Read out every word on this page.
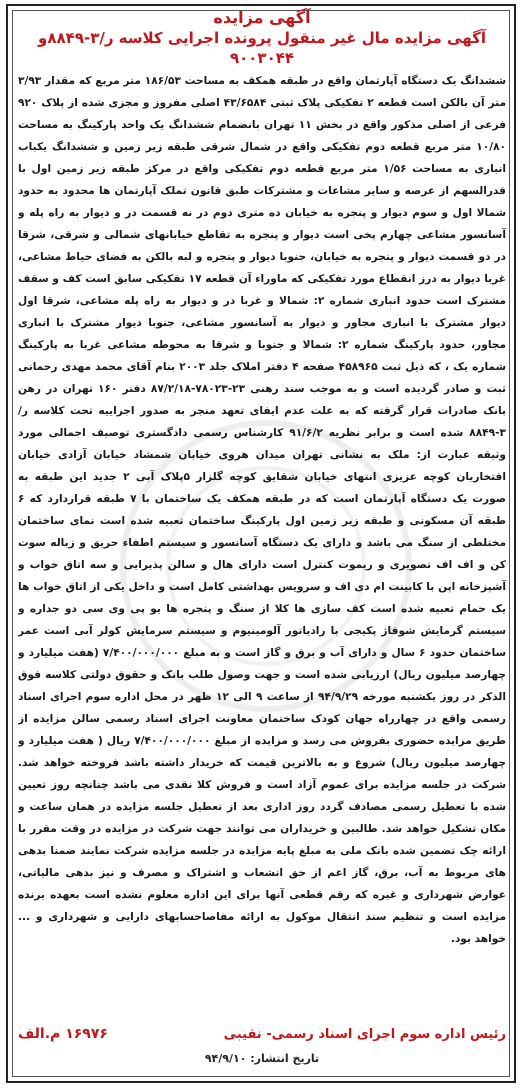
آگهی مزایده

آگهی مزایده مال غیر منقول پرونده اجرایی کلاسه ر/۳-۸۸۴۹و

۹۰۰۳۰۴۴

ششدانگ یک دستگاه آپارتمان واقع در طبقه همکف به مساحت ۱۸۶/۵۳ متر مربع که مقدار ۳/۹۳ متر آن بالکن است قطعه ۲ تفکیکی پلاک ثبتی ۴۳/۶۵۸۴ اصلی مفروز و مجزی شده از پلاک ۹۲۰ فرعی از اصلی مذکور واقع در بخش ۱۱ تهران بانضمام ششدانگ یک واحد پارکینگ به مساحت ۱۰/۸۰ متر مربع قطعه دوم تفکیکی واقع در شمال شرقی طبقه زیر زمین و ششدانگ یکباب انباری به مساحت ۱/۵۶ متر مربع قطعه دوم تفکیکی واقع در مرکز طبقه زیر زمین اول با قدرالسهم از عرصه و سایر مشاعات و مشترکات طبق قانون تملک آپارتمان ها محدود به حدود شمالا اول و سوم دیوار و پنجره به خیابان ده متری دوم در نه قسمت در و دیوار به راه پله و آسانسور مشاعی چهارم پخی است دیوار و پنجره به تقاطع خیابانهای شمالی و شرقی، شرقا در دو قسمت دیوار و پنجره به خیابان، جنوبا دیوار و پنجره و لبه بالکن به فضای حیاط مشاعی، غربا دیوار به درز انقطاع مورد تفکیکی که ماوراء آن قطعه ۱۷ تفکیکی سابق است کف و سقف مشترک است حدود انباری شماره ۲: شمالا و غربا در و دیوار به راه پله مشاعی، شرقا اول دیوار مشترک با انباری مجاور و دیوار به آسانسور مشاعی، جنوبا دیوار مشترک با انباری مجاور، حدود پارکینگ شماره ۲: شمالا و جنوبا و شرقا به محوطه مشاعی غربا به پارکینگ شماره یک ، که ذیل ثبت ۴۵۸۹۶۵ صفحه ۴ دفتر املاک جلد ۲۰۰۳ بنام آقای محمد مهدی رحمانی ثبت و صادر گردیده است و به موجب سند رهنی ۲۳-۷۸۰۲۳-۸۷/۲/۱۸ دفتر ۱۶۰ تهران در رهن بانک صادرات قرار گرفته که به علت عدم ایفای تعهد منجر به صدور اجراییه تحت کلاسه ر/۳-۸۸۴۹ شده است و برابر نظریه ۹۱/۶/۲ کارشناس رسمی دادگستری توصیف اجمالی مورد وثیقه عبارت از: ملک به نشانی تهران میدان هروی خیابان شمشاد خیابان آزادی خیابان افتخاریان کوچه عزیزی انتهای خیابان شقایق کوچه گلزار ۵پلاک آبی ۲ جدید این طبقه به صورت یک دستگاه آپارتمان است که در طبقه همکف یک ساختمان با ۷ طبقه قراردارد که ۶ طبقه آن مسکونی و طبقه زیر زمین اول پارکینگ ساختمان تعبیه شده است نمای ساختمان مختلطی از سنگ می باشد و دارای یک دستگاه آسانسور و سیستم اطفاء حریق و زباله سوت کن و اف اف تصویری و ریموت کنترل است دارای هال و سالن پذیرایی و سه اتاق خواب و آشپزخانه اپن با کابینت ام دی اف و سرویس بهداشتی کامل است و داخل یکی از اتاق خواب ها یک حمام تعبیه شده است کف سازی ها کلا از سنگ و پنجره ها یو پی وی سی دو جداره و سیستم گرمایش شوفاژ پکیجی با رادیاتور آلومینیوم و سیستم سرمایش کولر آبی است عمر ساختمان حدود ۶ سال و دارای آب و برق و گاز است و به مبلغ ۷/۴۰۰/۰۰۰/۰۰۰ (هفت میلیارد و چهارصد میلیون ریال) ارزیابی شده است و جهت وصول طلب بانک و حقوق دولتی کلاسه فوق الذکر در روز یکشنبه مورخه ۹۴/۹/۲۹ از ساعت ۹ الی ۱۲ ظهر در محل اداره سوم اجرای اسناد رسمی واقع در چهارراه جهان کودک ساختمان معاونت اجرای اسناد رسمی سالن مزایده از طریق مزایده حضوری بفروش می رسد و مزایده از مبلغ ۷/۴۰۰/۰۰۰/۰۰۰ ریال ( هفت میلیارد و چهارصد میلیون ریال) شروع و به بالاترین قیمت که خریدار داشته باشد فروخته خواهد شد. شرکت در جلسه مزایده برای عموم آزاد است و فروش کلا نقدی می باشد چنانچه روز تعیین شده با تعطیل رسمی مصادف گردد روز اداری بعد از تعطیل جلسه مزایده در همان ساعت و مکان تشکیل خواهد شد. طالبین و خریداران می توانند جهت شرکت در مزایده در وقت مقرر با ارائه چک تضمین شده بانک ملی به مبلغ پایه مزایده در جلسه مزایده شرکت نمایند ضمنا بدهی های مربوط به آب، برق، گاز اعم از حق انشعاب و اشتراک و مصرف و نیز بدهی مالیاتی، عوارض شهرداری و غیره که رقم قطعی آنها برای این اداره معلوم نشده است بعهده برنده مزایده است و تنظیم سند انتقال موکول به ارائه مفاصاحسابهای دارایی و شهرداری و ... خواهد بود.
رئیس اداره سوم اجرای اسناد رسمی- نقیبی
۱۶۹۷۶ م.الف
تاریخ انتشار: ۹۴/۹/۱۰
